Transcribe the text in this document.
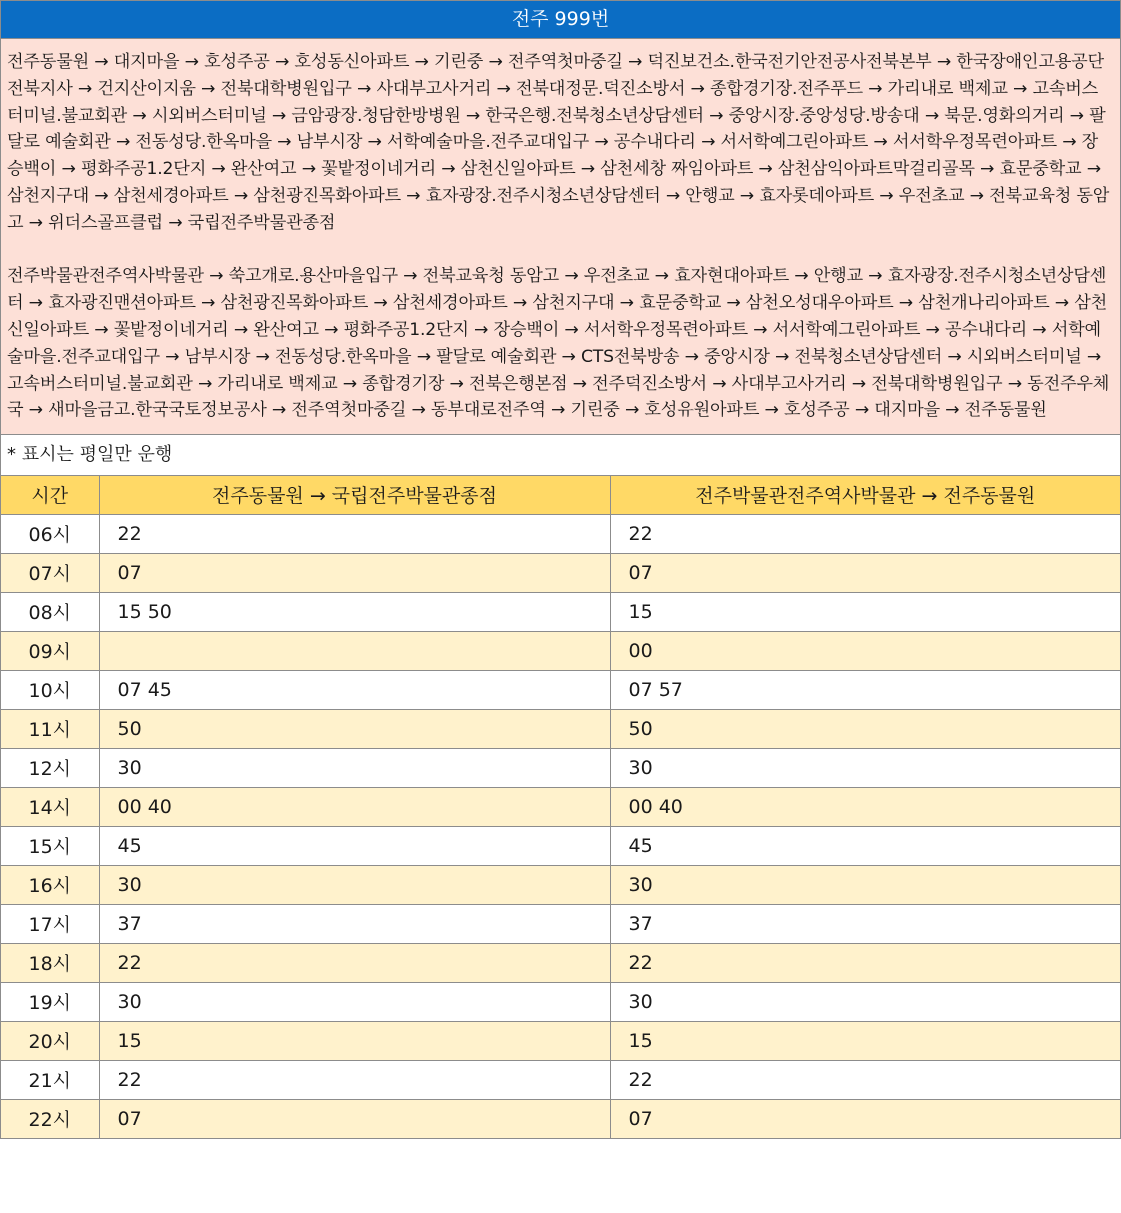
전주 999번

전주동물원 → 대지마을 → 호성주공 → 호성동신아파트 → 기린중 → 전주역첫마중길 → 덕진보건소.한국전기안전공사전북본부 → 한국장애인고용공단전북지사 → 건지산이지움 → 전북대학병원입구 → 사대부고사거리 → 전북대정문.덕진소방서 → 종합경기장.전주푸드 → 가리내로 백제교 → 고속버스터미널.불교회관 → 시외버스터미널 → 금암광장.청담한방병원 → 한국은행.전북청소년상담센터 → 중앙시장.중앙성당.방송대 → 북문.영화의거리 → 팔달로 예술회관 → 전동성당.한옥마을 → 남부시장 → 서학예술마을.전주교대입구 → 공수내다리 → 서서학예그린아파트 → 서서학우정목련아파트 → 장승백이 → 평화주공1.2단지 → 완산여고 → 꽃밭정이네거리 → 삼천신일아파트 → 삼천세창 짜임아파트 → 삼천삼익아파트막걸리골목 → 효문중학교 → 삼천지구대 → 삼천세경아파트 → 삼천광진목화아파트 → 효자광장.전주시청소년상담센터 → 안행교 → 효자롯데아파트 → 우전초교 → 전북교육청 동암고 → 위더스골프클럽 → 국립전주박물관종점

전주박물관전주역사박물관 → 쑥고개로.용산마을입구 → 전북교육청 동암고 → 우전초교 → 효자현대아파트 → 안행교 → 효자광장.전주시청소년상담센터 → 효자광진맨션아파트 → 삼천광진목화아파트 → 삼천세경아파트 → 삼천지구대 → 효문중학교 → 삼천오성대우아파트 → 삼천개나리아파트 → 삼천신일아파트 → 꽃밭정이네거리 → 완산여고 → 평화주공1.2단지 → 장승백이 → 서서학우정목련아파트 → 서서학예그린아파트 → 공수내다리 → 서학예술마을.전주교대입구 → 남부시장 → 전동성당.한옥마을 → 팔달로 예술회관 → CTS전북방송 → 중앙시장 → 전북청소년상담센터 → 시외버스터미널 → 고속버스터미널.불교회관 → 가리내로 백제교 → 종합경기장 → 전북은행본점 → 전주덕진소방서 → 사대부고사거리 → 전북대학병원입구 → 동전주우체국 → 새마을금고.한국국토정보공사 → 전주역첫마중길 → 동부대로전주역 → 기린중 → 호성유원아파트 → 호성주공 → 대지마을 → 전주동물원

* 표시는 평일만 운행
시간	전주동물원 → 국립전주박물관종점	전주박물관전주역사박물관 → 전주동물원
06시	22	22
07시	07	07
08시	15 50	15
09시		00
10시	07 45	07 57
11시	50	50
12시	30	30
14시	00 40	00 40
15시	45	45
16시	30	30
17시	37	37
18시	22	22
19시	30	30
20시	15	15
21시	22	22
22시	07	07
